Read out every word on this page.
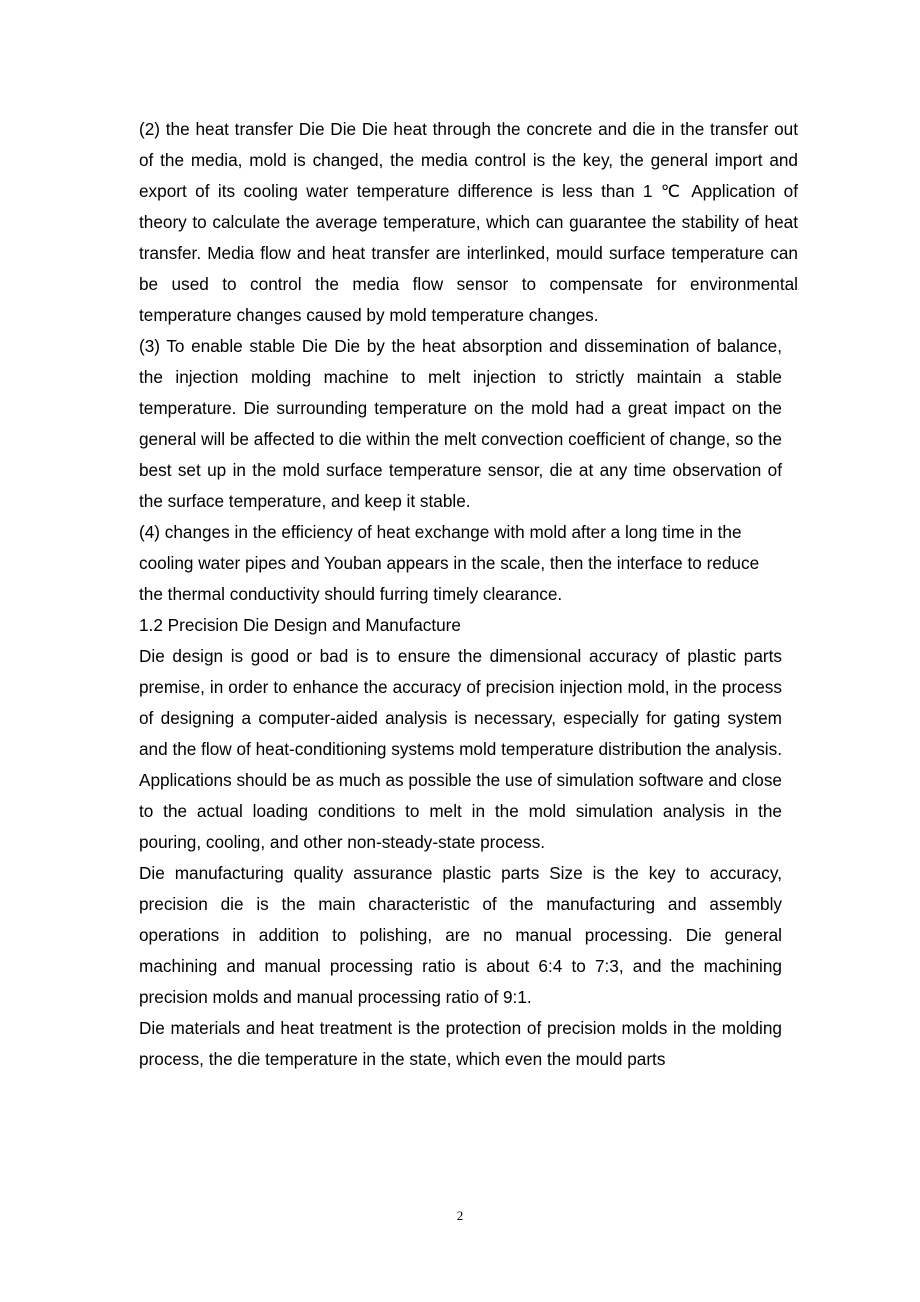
(2) the heat transfer Die Die Die heat through the concrete and die in the transfer out of the media, mold is changed, the media control is the key, the general import and export of its cooling water temperature difference is less than 1 ℃ Application of theory to calculate the average temperature, which can guarantee the stability of heat transfer. Media flow and heat transfer are interlinked, mould surface temperature can be used to control the media flow sensor to compensate for environmental temperature changes caused by mold temperature changes.

(3) To enable stable Die Die by the heat absorption and dissemination of balance, the injection molding machine to melt injection to strictly maintain a stable temperature. Die surrounding temperature on the mold had a great impact on the general will be affected to die within the melt convection coefficient of change, so the best set up in the mold surface temperature sensor, die at any time observation of the surface temperature, and keep it stable.

(4) changes in the efficiency of heat exchange with mold after a long time in the cooling water pipes and Youban appears in the scale, then the interface to reduce the thermal conductivity should furring timely clearance.

1.2 Precision Die Design and Manufacture

Die design is good or bad is to ensure the dimensional accuracy of plastic parts premise, in order to enhance the accuracy of precision injection mold, in the process of designing a computer-aided analysis is necessary, especially for gating system and the flow of heat-conditioning systems mold temperature distribution the analysis. Applications should be as much as possible the use of simulation software and close to the actual loading conditions to melt in the mold simulation analysis in the pouring, cooling, and other non-steady-state process.

Die manufacturing quality assurance plastic parts Size is the key to accuracy, precision die is the main characteristic of the manufacturing and assembly operations in addition to polishing, are no manual processing. Die general machining and manual processing ratio is about 6:4 to 7:3, and the machining precision molds and manual processing ratio of 9:1.

Die materials and heat treatment is the protection of precision molds in the molding process, the die temperature in the state, which even the mould parts

2
